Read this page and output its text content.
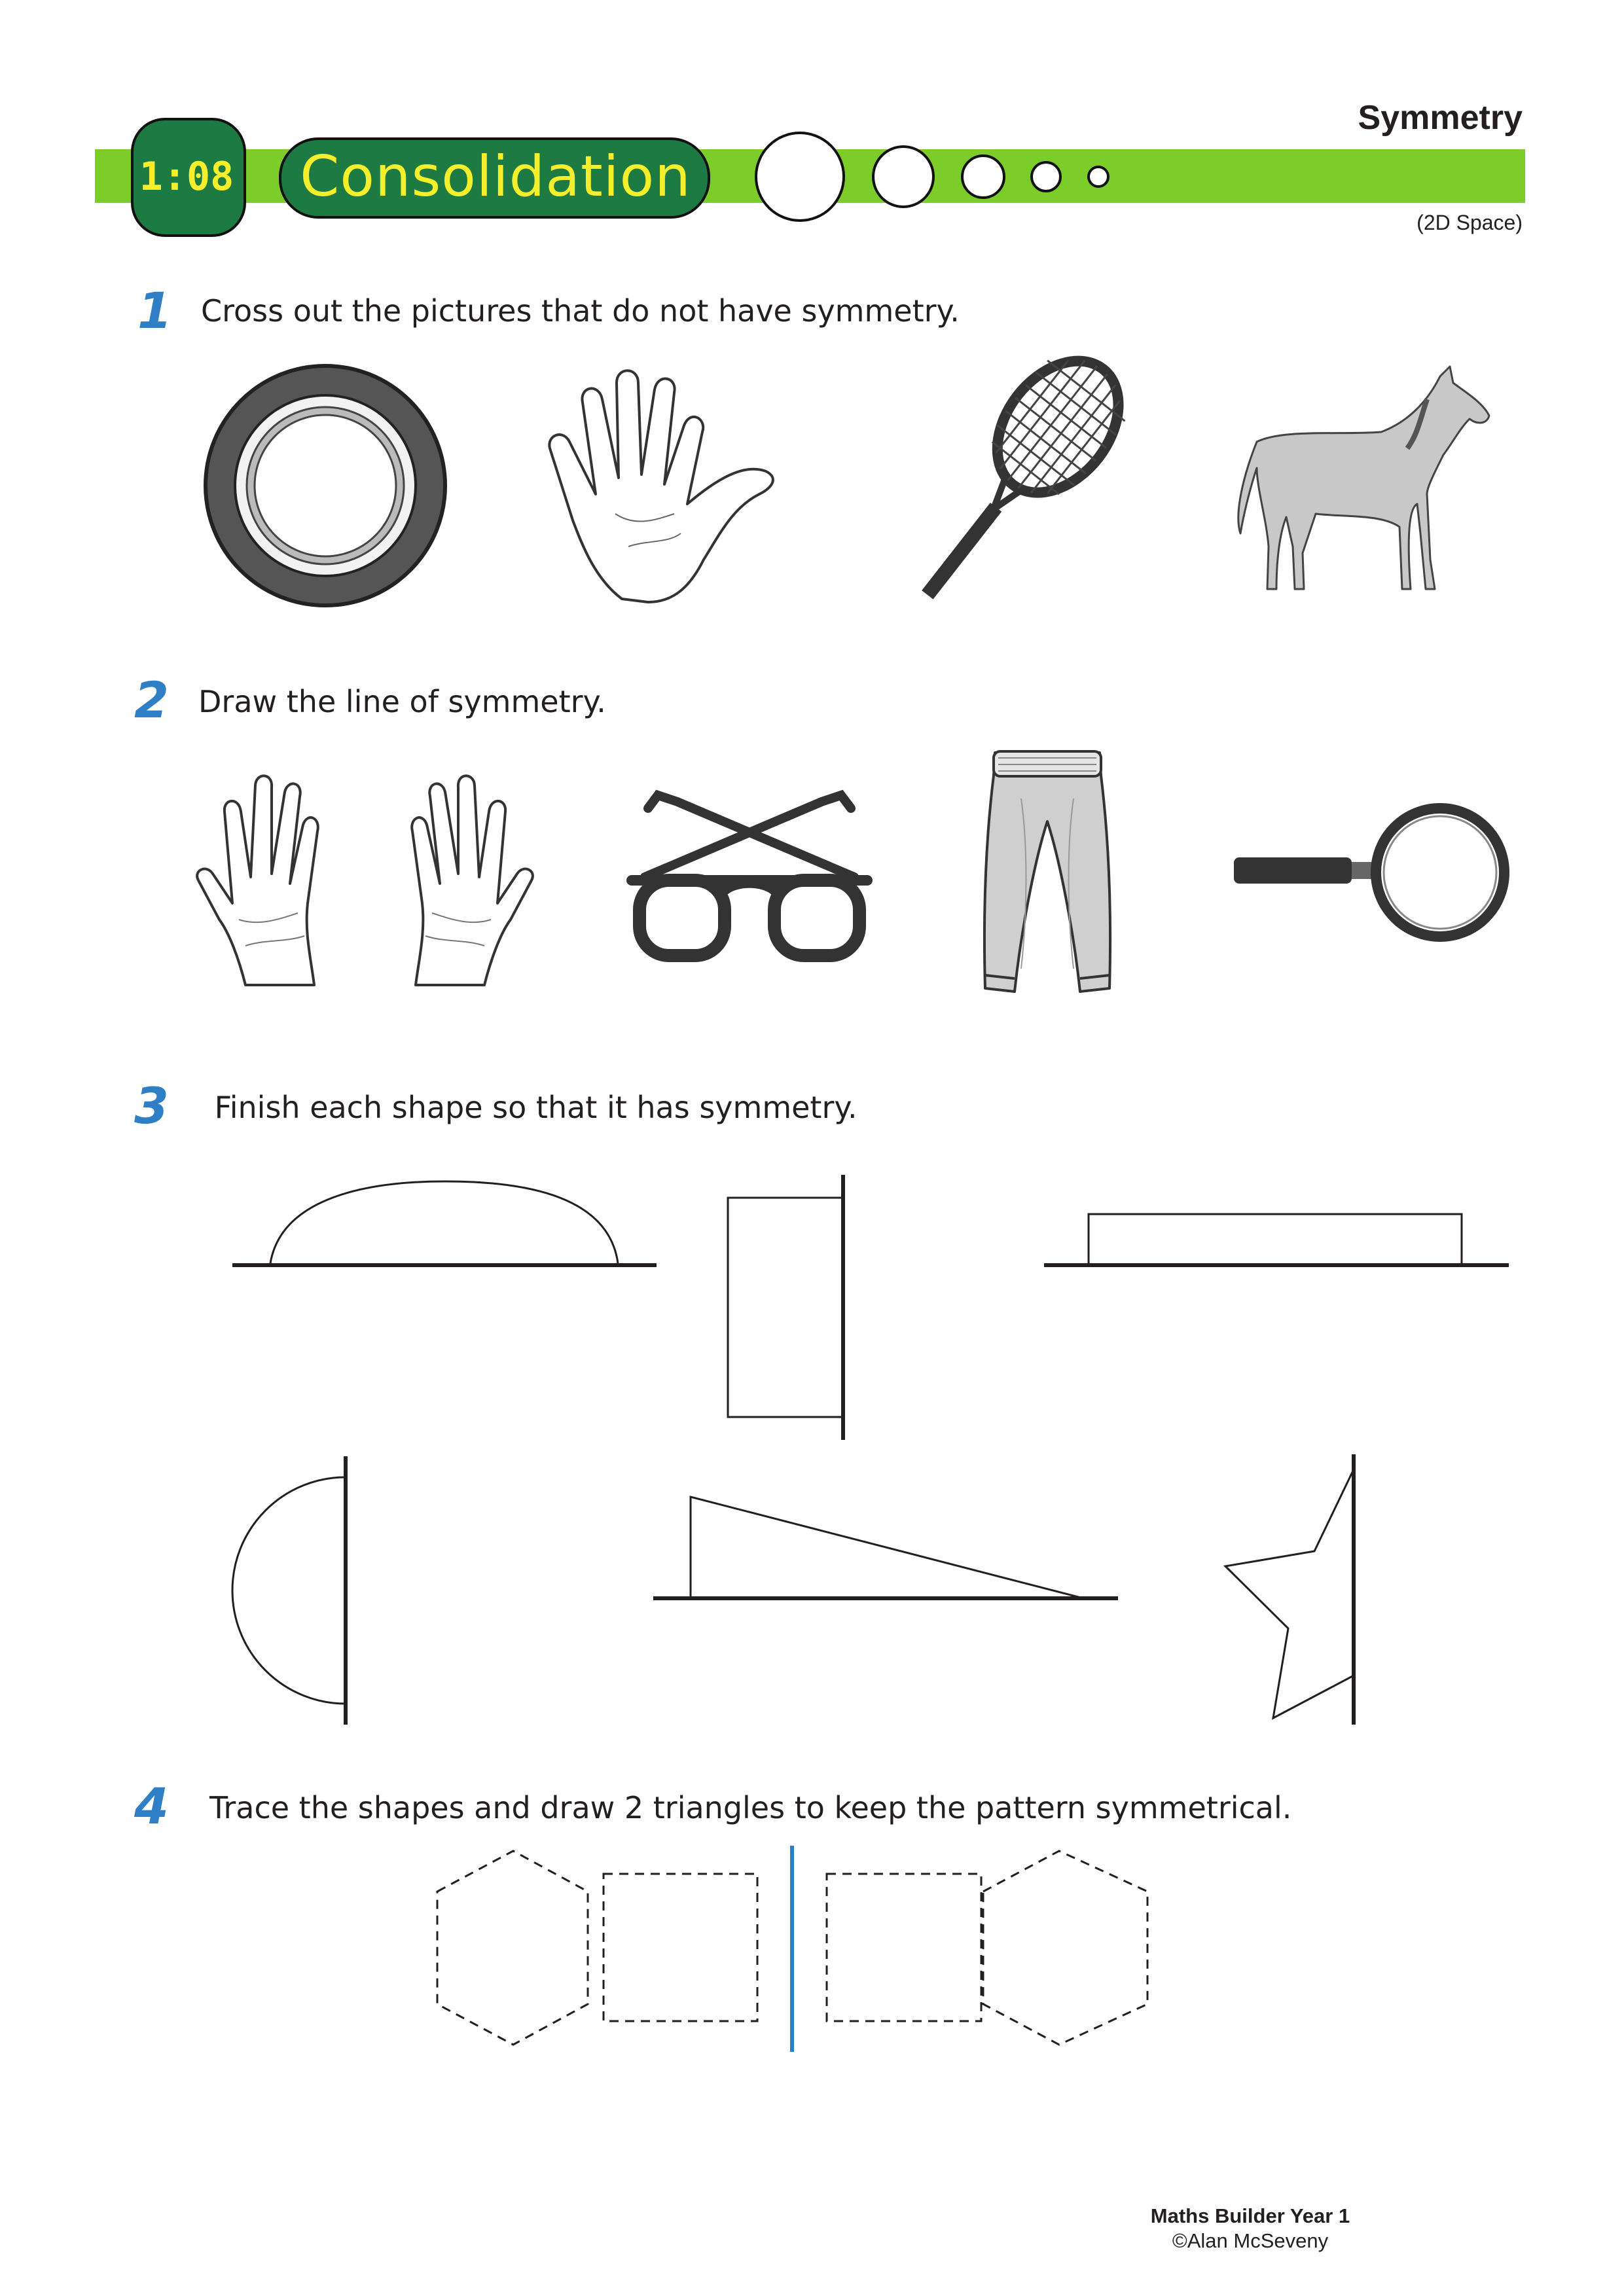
1:08	Consolidation
Symmetry
(2D Space)
1 Cross out the pictures that do not have symmetry.
2 Draw the line of symmetry.
3 Finish each shape so that it has symmetry.
4 Trace the shapes and draw 2 triangles to keep the pattern symmetrical.
Maths Builder Year 1
©Alan McSeveny
